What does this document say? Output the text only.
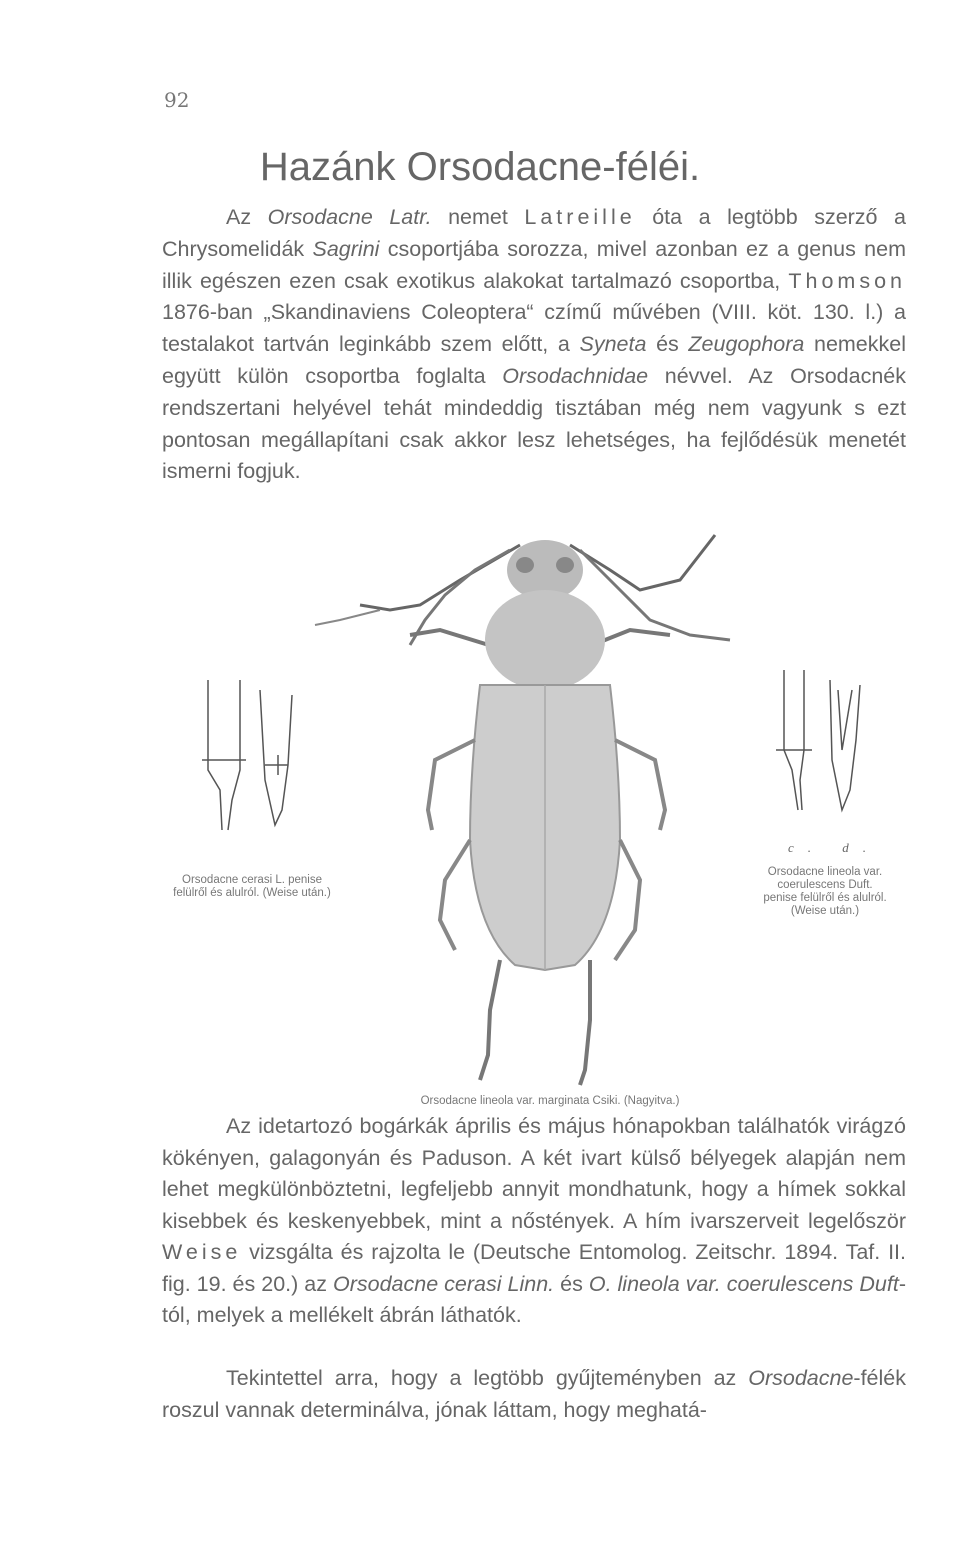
92
Hazánk Orsodacne-féléi.

Az Orsodacne Latr. nemet Latreille óta a legtöbb szerző a Chrysomelidák Sagrini csoportjába sorozza, mivel azonban ez a genus nem illik egészen ezen csak exotikus alakokat tartalmazó csoportba, Thomson 1876-ban „Skandinaviens Coleoptera“ czímű művében (VIII. köt. 130. l.) a testalakot tartván leginkább szem előtt, a Syneta és Zeugophora nemekkel együtt külön csoportba foglalta Orsodachnidae névvel. Az Orsodacnék rendszertani helyével tehát mindeddig tisztában még nem vagyunk s ezt pontosan megállapítani csak akkor lesz lehetséges, ha fejlődésük menetét ismerni fogjuk.

c. d.

Orsodacne cerasi L. penise felülről és alulról. (Weise után.)

Orsodacne lineola var. coerulescens Duft. penise felülről és alulról. (Weise után.)

Orsodacne lineola var. marginata Csiki. (Nagyitva.)

Az idetartozó bogárkák április és május hónapokban találhatók virágzó kökényen, galagonyán és Paduson. A két ivart külső bélyegek alapján nem lehet megkülönböztetni, legfeljebb annyit mondhatunk, hogy a hímek sokkal kisebbek és keskenyebbek, mint a nőstények. A hím ivarszerveit legelőször Weise vizsgálta és rajzolta le (Deutsche Entomolog. Zeitschr. 1894. Taf. II. fig. 19. és 20.) az Orsodacne cerasi Linn. és O. lineola var. coerulescens Duft-tól, melyek a mellékelt ábrán láthatók.

Tekintettel arra, hogy a legtöbb gyűjteményben az Orsodacne-félék roszul vannak determinálva, jónak láttam, hogy meghatá-
